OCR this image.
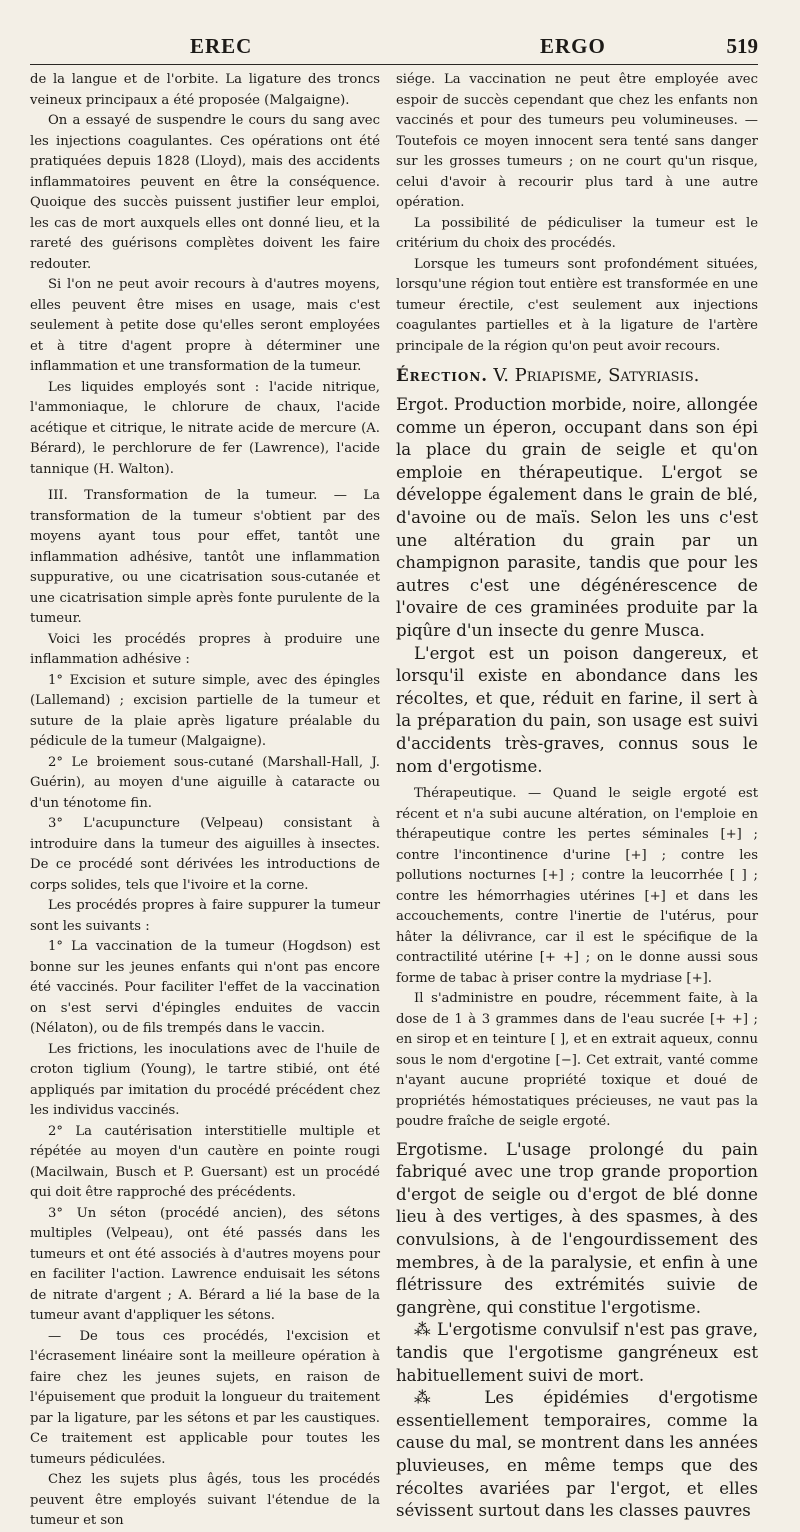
EREC	ERGO	519

de la langue et de l'orbite. La ligature des troncs veineux principaux a été proposée (Malgaigne).

On a essayé de suspendre le cours du sang avec les injections coagulantes. Ces opérations ont été pratiquées depuis 1828 (Lloyd), mais des accidents inflammatoires peuvent en être la conséquence. Quoique des succès puissent justifier leur emploi, les cas de mort auxquels elles ont donné lieu, et la rareté des guérisons complètes doivent les faire redouter.

Si l'on ne peut avoir recours à d'autres moyens, elles peuvent être mises en usage, mais c'est seulement à petite dose qu'elles seront employées et à titre d'agent propre à déterminer une inflammation et une transformation de la tumeur.

Les liquides employés sont : l'acide nitrique, l'ammoniaque, le chlorure de chaux, l'acide acétique et citrique, le nitrate acide de mercure (A. Bérard), le perchlorure de fer (Lawrence), l'acide tannique (H. Walton).

III. Transformation de la tumeur. — La transformation de la tumeur s'obtient par des moyens ayant tous pour effet, tantôt une inflammation adhésive, tantôt une inflammation suppurative, ou une cicatrisation sous-cutanée et une cicatrisation simple après fonte purulente de la tumeur.

Voici les procédés propres à produire une inflammation adhésive :

1° Excision et suture simple, avec des épingles (Lallemand) ; excision partielle de la tumeur et suture de la plaie après ligature préalable du pédicule de la tumeur (Malgaigne).

2° Le broiement sous-cutané (Marshall-Hall, J. Guérin), au moyen d'une aiguille à cataracte ou d'un ténotome fin.

3° L'acupuncture (Velpeau) consistant à introduire dans la tumeur des aiguilles à insectes. De ce procédé sont dérivées les introductions de corps solides, tels que l'ivoire et la corne.

Les procédés propres à faire suppurer la tumeur sont les suivants :

1° La vaccination de la tumeur (Hogdson) est bonne sur les jeunes enfants qui n'ont pas encore été vaccinés. Pour faciliter l'effet de la vaccination on s'est servi d'épingles enduites de vaccin (Nélaton), ou de fils trempés dans le vaccin.

Les frictions, les inoculations avec de l'huile de croton tiglium (Young), le tartre stibié, ont été appliqués par imitation du procédé précédent chez les individus vaccinés.

2° La cautérisation interstitielle multiple et répétée au moyen d'un cautère en pointe rougi (Macilwain, Busch et P. Guersant) est un procédé qui doit être rapproché des précédents.

3° Un séton (procédé ancien), des sétons multiples (Velpeau), ont été passés dans les tumeurs et ont été associés à d'autres moyens pour en faciliter l'action. Lawrence enduisait les sétons de nitrate d'argent ; A. Bérard a lié la base de la tumeur avant d'appliquer les sétons.

— De tous ces procédés, l'excision et l'écrasement linéaire sont la meilleure opération à faire chez les jeunes sujets, en raison de l'épuisement que produit la longueur du traitement par la ligature, par les sétons et par les caustiques. Ce traitement est applicable pour toutes les tumeurs pédiculées.

Chez les sujets plus âgés, tous les procédés peuvent être employés suivant l'étendue de la tumeur et son

siége. La vaccination ne peut être employée avec espoir de succès cependant que chez les enfants non vaccinés et pour des tumeurs peu volumineuses. — Toutefois ce moyen innocent sera tenté sans danger sur les grosses tumeurs ; on ne court qu'un risque, celui d'avoir à recourir plus tard à une autre opération.

La possibilité de pédiculiser la tumeur est le critérium du choix des procédés.

Lorsque les tumeurs sont profondément situées, lorsqu'une région tout entière est transformée en une tumeur érectile, c'est seulement aux injections coagulantes partielles et à la ligature de l'artère principale de la région qu'on peut avoir recours.

Érection. V. Priapisme, Satyriasis.

Ergot. Production morbide, noire, allongée comme un éperon, occupant dans son épi la place du grain de seigle et qu'on emploie en thérapeutique. L'ergot se développe également dans le grain de blé, d'avoine ou de maïs. Selon les uns c'est une altération du grain par un champignon parasite, tandis que pour les autres c'est une dégénérescence de l'ovaire de ces graminées produite par la piqûre d'un insecte du genre Musca.

L'ergot est un poison dangereux, et lorsqu'il existe en abondance dans les récoltes, et que, réduit en farine, il sert à la préparation du pain, son usage est suivi d'accidents très-graves, connus sous le nom d'ergotisme.

Thérapeutique. — Quand le seigle ergoté est récent et n'a subi aucune altération, on l'emploie en thérapeutique contre les pertes séminales [+] ; contre l'incontinence d'urine [+] ; contre les pollutions nocturnes [+] ; contre la leucorrhée [ ] ; contre les hémorrhagies utérines [+] et dans les accouchements, contre l'inertie de l'utérus, pour hâter la délivrance, car il est le spécifique de la contractilité utérine [+ +] ; on le donne aussi sous forme de tabac à priser contre la mydriase [+].

Il s'administre en poudre, récemment faite, à la dose de 1 à 3 grammes dans de l'eau sucrée [+ +] ; en sirop et en teinture [ ], et en extrait aqueux, connu sous le nom d'ergotine [−]. Cet extrait, vanté comme n'ayant aucune propriété toxique et doué de propriétés hémostatiques précieuses, ne vaut pas la poudre fraîche de seigle ergoté.

Ergotisme. L'usage prolongé du pain fabriqué avec une trop grande proportion d'ergot de seigle ou d'ergot de blé donne lieu à des vertiges, à des spasmes, à des convulsions, à de l'engourdissement des membres, à de la paralysie, et enfin à une flétrissure des extrémités suivie de gangrène, qui constitue l'ergotisme.

⁂ L'ergotisme convulsif n'est pas grave, tandis que l'ergotisme gangréneux est habituellement suivi de mort.

⁂ Les épidémies d'ergotisme essentiellement temporaires, comme la cause du mal, se montrent dans les années pluvieuses, en même temps que des récoltes avariées par l'ergot, et elles sévissent surtout dans les classes pauvres
